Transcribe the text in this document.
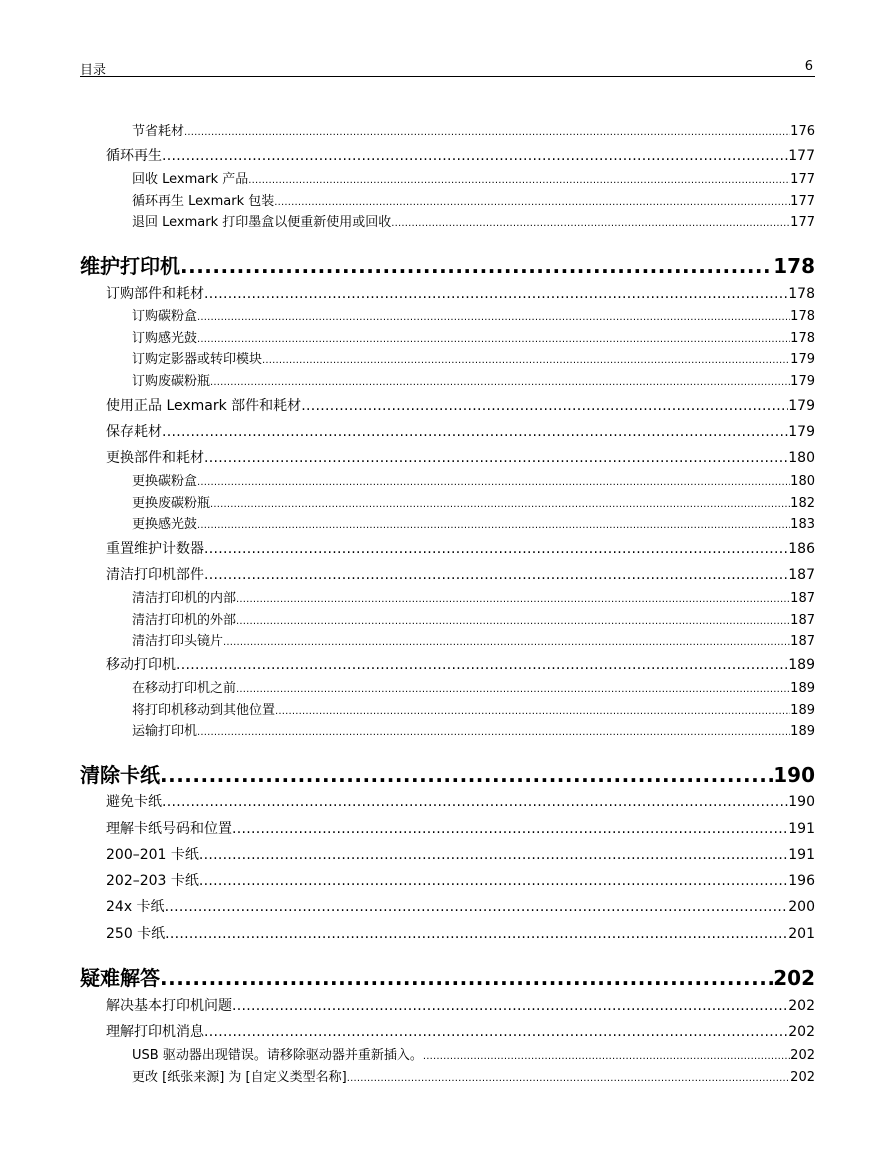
目录	6
节省耗材 .....	176
循环再生 .....	177
回收 Lexmark 产品 .....	177
循环再生 Lexmark 包装 .....	177
退回 Lexmark 打印墨盒以便重新使用或回收 .....	177
维护打印机 .....	178
订购部件和耗材 .....	178
订购碳粉盒 .....	178
订购感光鼓 .....	178
订购定影器或转印模块 .....	179
订购废碳粉瓶 .....	179
使用正品 Lexmark 部件和耗材 .....	179
保存耗材 .....	179
更换部件和耗材 .....	180
更换碳粉盒 .....	180
更换废碳粉瓶 .....	182
更换感光鼓 .....	183
重置维护计数器 .....	186
清洁打印机部件 .....	187
清洁打印机的内部 .....	187
清洁打印机的外部 .....	187
清洁打印头镜片 .....	187
移动打印机 .....	189
在移动打印机之前 .....	189
将打印机移动到其他位置 .....	189
运输打印机 .....	189
清除卡纸 .....	190
避免卡纸 .....	190
理解卡纸号码和位置 .....	191
200–201 卡纸 .....	191
202–203 卡纸 .....	196
24x 卡纸 .....	200
250 卡纸 .....	201
疑难解答 .....	202
解决基本打印机问题 .....	202
理解打印机消息 .....	202
USB 驱动器出现错误。请移除驱动器并重新插入。 .....	202
更改 [纸张来源] 为 [自定义类型名称] .....	202
